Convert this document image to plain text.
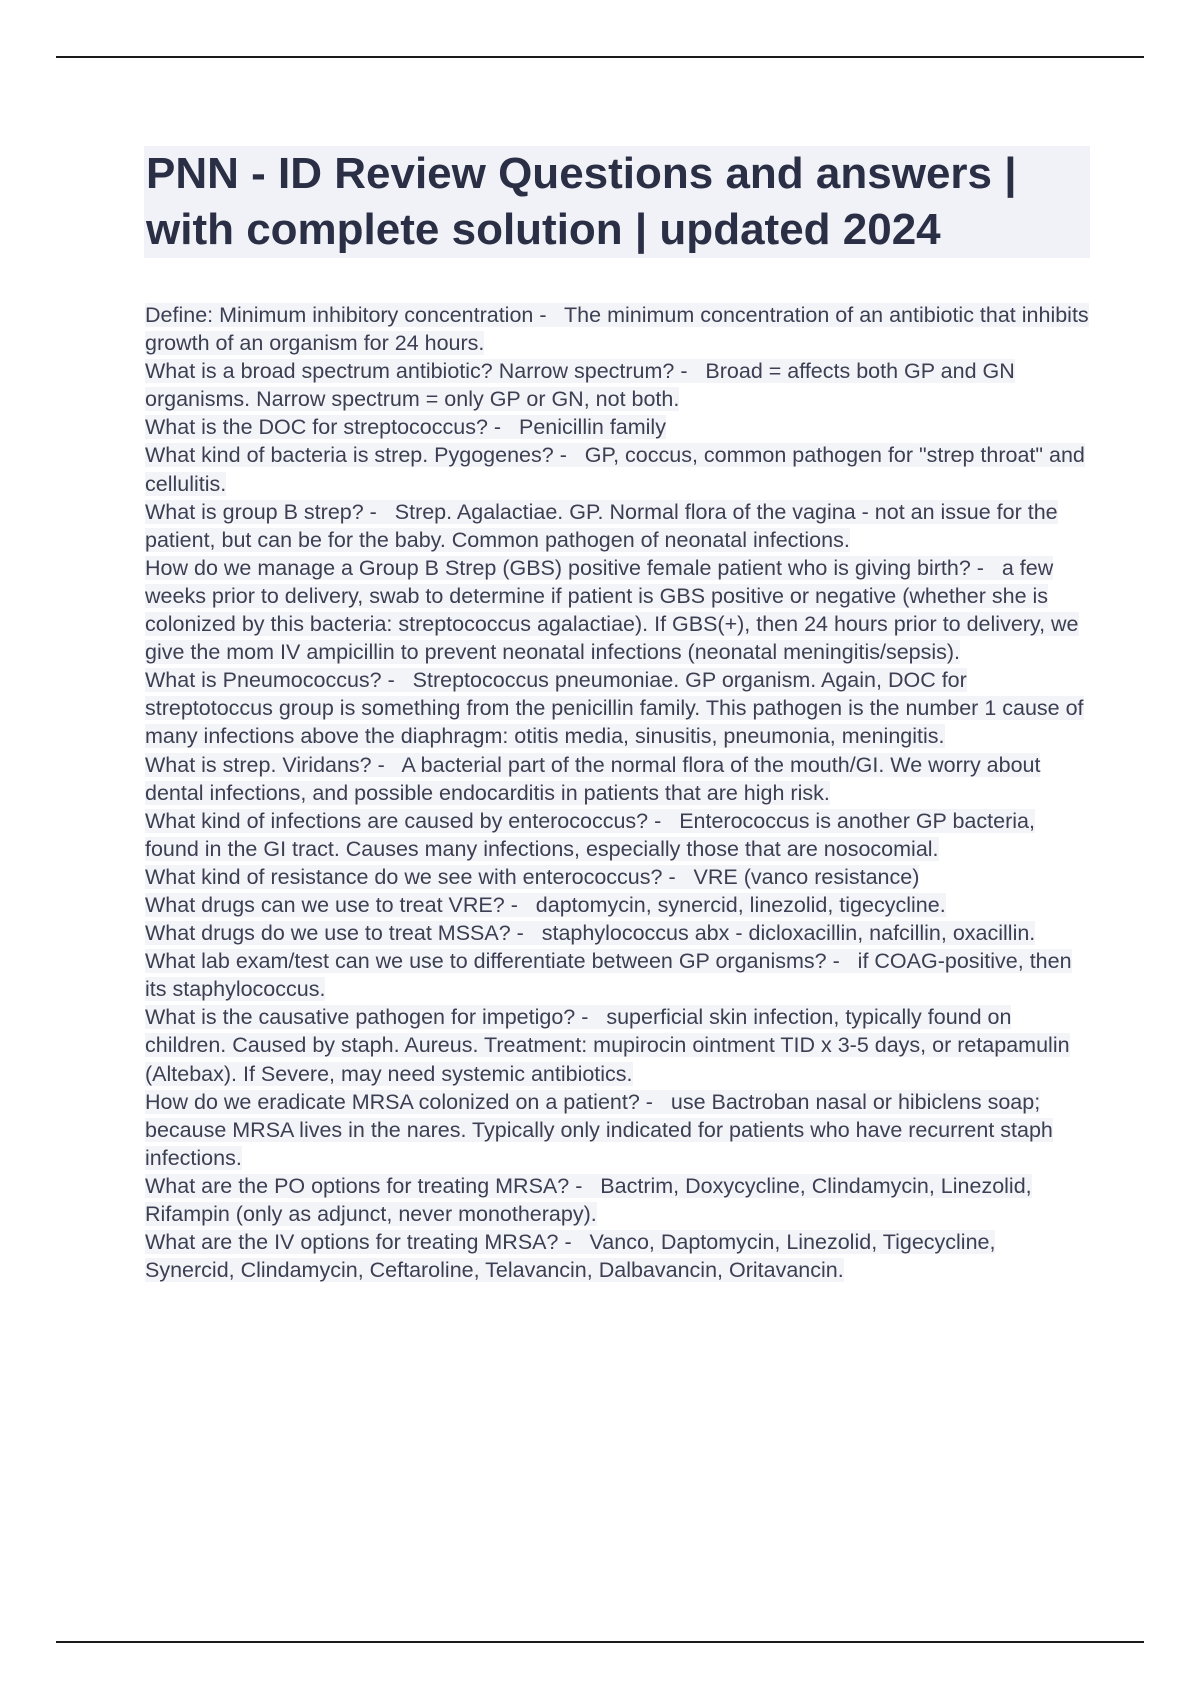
PNN - ID Review Questions and answers | with complete solution | updated 2024

Define: Minimum inhibitory concentration -   The minimum concentration of an antibiotic that inhibits growth of an organism for 24 hours.

What is a broad spectrum antibiotic? Narrow spectrum? -   Broad = affects both GP and GN organisms. Narrow spectrum = only GP or GN, not both.

What is the DOC for streptococcus? -   Penicillin family

What kind of bacteria is strep. Pygogenes? -   GP, coccus, common pathogen for "strep throat" and cellulitis.

What is group B strep? -   Strep. Agalactiae. GP. Normal flora of the vagina - not an issue for the patient, but can be for the baby. Common pathogen of neonatal infections.

How do we manage a Group B Strep (GBS) positive female patient who is giving birth? -   a few weeks prior to delivery, swab to determine if patient is GBS positive or negative (whether she is colonized by this bacteria: streptococcus agalactiae). If GBS(+), then 24 hours prior to delivery, we give the mom IV ampicillin to prevent neonatal infections (neonatal meningitis/sepsis).

What is Pneumococcus? -   Streptococcus pneumoniae. GP organism. Again, DOC for streptotoccus group is something from the penicillin family. This pathogen is the number 1 cause of many infections above the diaphragm: otitis media, sinusitis, pneumonia, meningitis.

What is strep. Viridans? -   A bacterial part of the normal flora of the mouth/GI. We worry about dental infections, and possible endocarditis in patients that are high risk.

What kind of infections are caused by enterococcus? -   Enterococcus is another GP bacteria, found in the GI tract. Causes many infections, especially those that are nosocomial.

What kind of resistance do we see with enterococcus? -   VRE (vanco resistance)

What drugs can we use to treat VRE? -   daptomycin, synercid, linezolid, tigecycline.

What drugs do we use to treat MSSA? -   staphylococcus abx - dicloxacillin, nafcillin, oxacillin.

What lab exam/test can we use to differentiate between GP organisms? -   if COAG-positive, then its staphylococcus.

What is the causative pathogen for impetigo? -   superficial skin infection, typically found on children. Caused by staph. Aureus. Treatment: mupirocin ointment TID x 3-5 days, or retapamulin (Altebax). If Severe, may need systemic antibiotics.

How do we eradicate MRSA colonized on a patient? -   use Bactroban nasal or hibiclens soap; because MRSA lives in the nares. Typically only indicated for patients who have recurrent staph infections.

What are the PO options for treating MRSA? -   Bactrim, Doxycycline, Clindamycin, Linezolid, Rifampin (only as adjunct, never monotherapy).

What are the IV options for treating MRSA? -   Vanco, Daptomycin, Linezolid, Tigecycline, Synercid, Clindamycin, Ceftaroline, Telavancin, Dalbavancin, Oritavancin.
